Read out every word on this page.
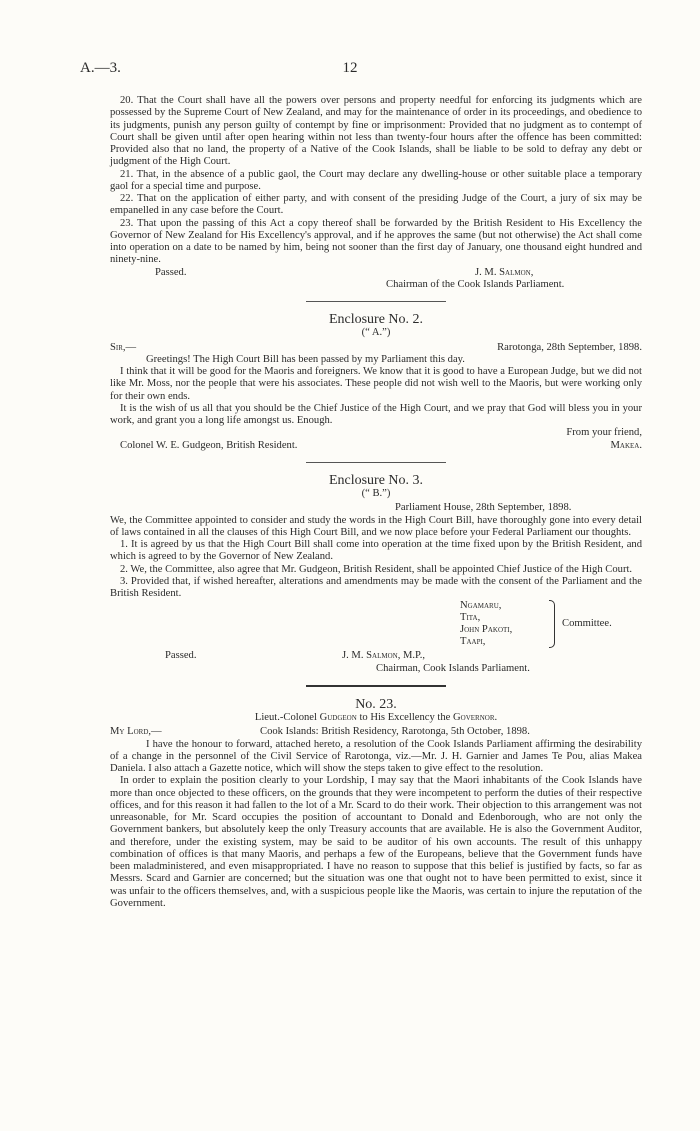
A.—3.	12

20. That the Court shall have all the powers over persons and property needful for enforcing its judgments which are possessed by the Supreme Court of New Zealand, and may for the maintenance of order in its proceedings, and obedience to its judgments, punish any person guilty of contempt by fine or imprisonment: Provided that no judgment as to contempt of Court shall be given until after open hearing within not less than twenty-four hours after the offence has been committed: Provided also that no land, the property of a Native of the Cook Islands, shall be liable to be sold to defray any debt or judgment of the High Court.

21. That, in the absence of a public gaol, the Court may declare any dwelling-house or other suitable place a temporary gaol for a special time and purpose.

22. That on the application of either party, and with consent of the presiding Judge of the Court, a jury of six may be empanelled in any case before the Court.

23. That upon the passing of this Act a copy thereof shall be forwarded by the British Resident to His Excellency the Governor of New Zealand for His Excellency's approval, and if he approves the same (but not otherwise) the Act shall come into operation on a date to be named by him, being not sooner than the first day of January, one thousand eight hundred and ninety-nine.

Passed.	J. M. Salmon,
Chairman of the Cook Islands Parliament.
Enclosure No. 2.
(“ A.”)
Sir,—	Rarotonga, 28th September, 1898.

Greetings! The High Court Bill has been passed by my Parliament this day.

I think that it will be good for the Maoris and foreigners. We know that it is good to have a European Judge, but we did not like Mr. Moss, nor the people that were his associates. These people did not wish well to the Maoris, but were working only for their own ends.

It is the wish of us all that you should be the Chief Justice of the High Court, and we pray that God will bless you in your work, and grant you a long life amongst us. Enough.

From your friend,
Colonel W. E. Gudgeon, British Resident.	Makea.
Enclosure No. 3.
(“ B.”)
Parliament House, 28th September, 1898.

We, the Committee appointed to consider and study the words in the High Court Bill, have thoroughly gone into every detail of laws contained in all the clauses of this High Court Bill, and we now place before your Federal Parliament our thoughts.

1. It is agreed by us that the High Court Bill shall come into operation at the time fixed upon by the British Resident, and which is agreed to by the Governor of New Zealand.

2. We, the Committee, also agree that Mr. Gudgeon, British Resident, shall be appointed Chief Justice of the High Court.

3. Provided that, if wished hereafter, alterations and amendments may be made with the consent of the Parliament and the British Resident.

Ngamaru,
Tita,
John Pakoti,
Taapi,
Committee.
Passed.	J. M. Salmon, M.P.,
Chairman, Cook Islands Parliament.
No. 23.
Lieut.-Colonel Gudgeon to His Excellency the Governor.
My Lord,—	Cook Islands: British Residency, Rarotonga, 5th October, 1898.

I have the honour to forward, attached hereto, a resolution of the Cook Islands Parliament affirming the desirability of a change in the personnel of the Civil Service of Rarotonga, viz.—Mr. J. H. Garnier and James Te Pou, alias Makea Daniela. I also attach a Gazette notice, which will show the steps taken to give effect to the resolution.

In order to explain the position clearly to your Lordship, I may say that the Maori inhabitants of the Cook Islands have more than once objected to these officers, on the grounds that they were incompetent to perform the duties of their respective offices, and for this reason it had fallen to the lot of a Mr. Scard to do their work. Their objection to this arrangement was not unreasonable, for Mr. Scard occupies the position of accountant to Donald and Edenborough, who are not only the Government bankers, but absolutely keep the only Treasury accounts that are available. He is also the Government Auditor, and therefore, under the existing system, may be said to be auditor of his own accounts. The result of this unhappy combination of offices is that many Maoris, and perhaps a few of the Europeans, believe that the Government funds have been maladministered, and even misappropriated. I have no reason to suppose that this belief is justified by facts, so far as Messrs. Scard and Garnier are concerned; but the situation was one that ought not to have been permitted to exist, since it was unfair to the officers themselves, and, with a suspicious people like the Maoris, was certain to injure the reputation of the Government.
